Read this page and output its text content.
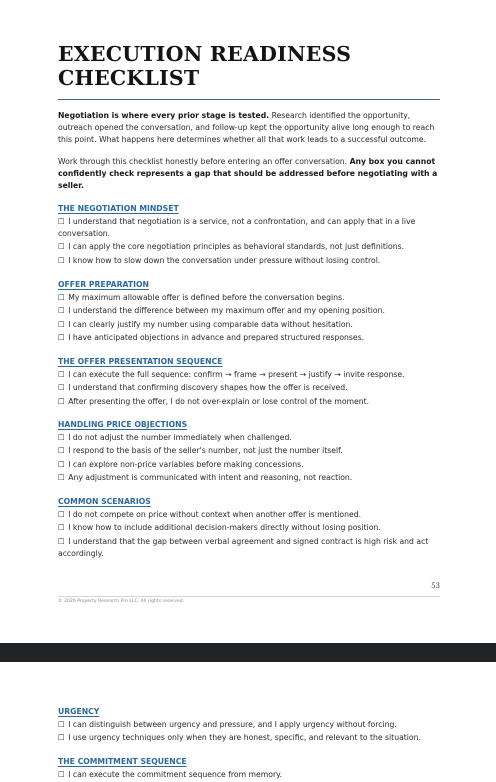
EXECUTION READINESS
CHECKLIST

Negotiation is where every prior stage is tested. Research identified the opportunity, outreach opened the conversation, and follow-up kept the opportunity alive long enough to reach this point. What happens here determines whether all that work leads to a successful outcome.

Work through this checklist honestly before entering an offer conversation. Any box you cannot confidently check represents a gap that should be addressed before negotiating with a seller.

THE NEGOTIATION MINDSET
☐ I understand that negotiation is a service, not a confrontation, and can apply that in a live conversation.
☐ I can apply the core negotiation principles as behavioral standards, not just definitions.
☐ I know how to slow down the conversation under pressure without losing control.
OFFER PREPARATION
☐ My maximum allowable offer is defined before the conversation begins.
☐ I understand the difference between my maximum offer and my opening position.
☐ I can clearly justify my number using comparable data without hesitation.
☐ I have anticipated objections in advance and prepared structured responses.
THE OFFER PRESENTATION SEQUENCE
☐ I can execute the full sequence: confirm → frame → present → justify → invite response.
☐ I understand that confirming discovery shapes how the offer is received.
☐ After presenting the offer, I do not over-explain or lose control of the moment.
HANDLING PRICE OBJECTIONS
☐ I do not adjust the number immediately when challenged.
☐ I respond to the basis of the seller's number, not just the number itself.
☐ I can explore non-price variables before making concessions.
☐ Any adjustment is communicated with intent and reasoning, not reaction.
COMMON SCENARIOS
☐ I do not compete on price without context when another offer is mentioned.
☐ I know how to include additional decision-makers directly without losing position.
☐ I understand that the gap between verbal agreement and signed contract is high risk and act accordingly.
53
© 2026 Property Research Pro LLC. All rights reserved.
URGENCY
☐ I can distinguish between urgency and pressure, and I apply urgency without forcing.
☐ I use urgency techniques only when they are honest, specific, and relevant to the situation.
THE COMMITMENT SEQUENCE
☐ I can execute the commitment sequence from memory.
